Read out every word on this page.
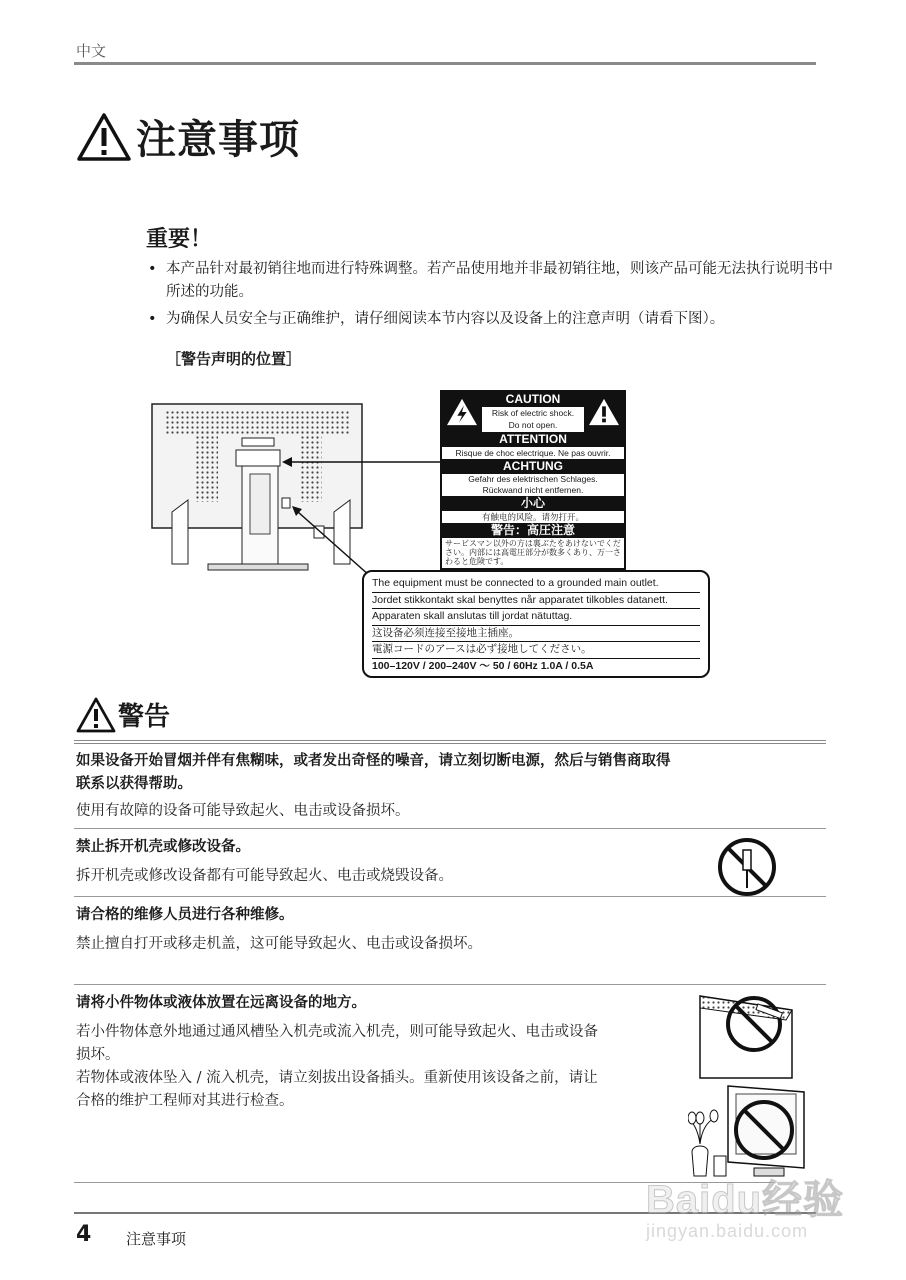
中文
注意事项
重要！
• 本产品针对最初销往地而进行特殊调整。若产品使用地并非最初销往地，则该产品可能无法执行说明书中所述的功能。
• 为确保人员安全与正确维护，请仔细阅读本节内容以及设备上的注意声明（请看下图）。
［警告声明的位置］
CAUTION
Risk of electric shock.
Do not open.
ATTENTION
Risque de choc electrique. Ne pas ouvrir.
ACHTUNG
Gefahr des elektrischen Schlages.
Rückwand nicht entfernen.
小心
有触电的风险。请勿打开。
警告：高圧注意
サービスマン以外の方は裏ぶたをあけないでください。内部には高電圧部分が数多くあり、万一さわると危険です。
The equipment must be connected to a grounded main outlet.
Jordet stikkontakt skal benyttes når apparatet tilkobles datanett.
Apparaten skall anslutas till jordat nätuttag.
这设备必须连接至接地主插座。
電源コードのアースは必ず接地してください。
100–120V / 200–240V ～ 50 / 60Hz 1.0A / 0.5A
警告
如果设备开始冒烟并伴有焦糊味，或者发出奇怪的噪音，请立刻切断电源，然后与销售商取得联系以获得帮助。
使用有故障的设备可能导致起火、电击或设备损坏。
禁止拆开机壳或修改设备。
拆开机壳或修改设备都有可能导致起火、电击或烧毁设备。
请合格的维修人员进行各种维修。
禁止擅自打开或移走机盖，这可能导致起火、电击或设备损坏。
请将小件物体或液体放置在远离设备的地方。
若小件物体意外地通过通风槽坠入机壳或流入机壳，则可能导致起火、电击或设备损坏。
若物体或液体坠入 / 流入机壳，请立刻拔出设备插头。重新使用该设备之前，请让合格的维护工程师对其进行检查。
4 注意事项
Baidu经验
jingyan.baidu.com
